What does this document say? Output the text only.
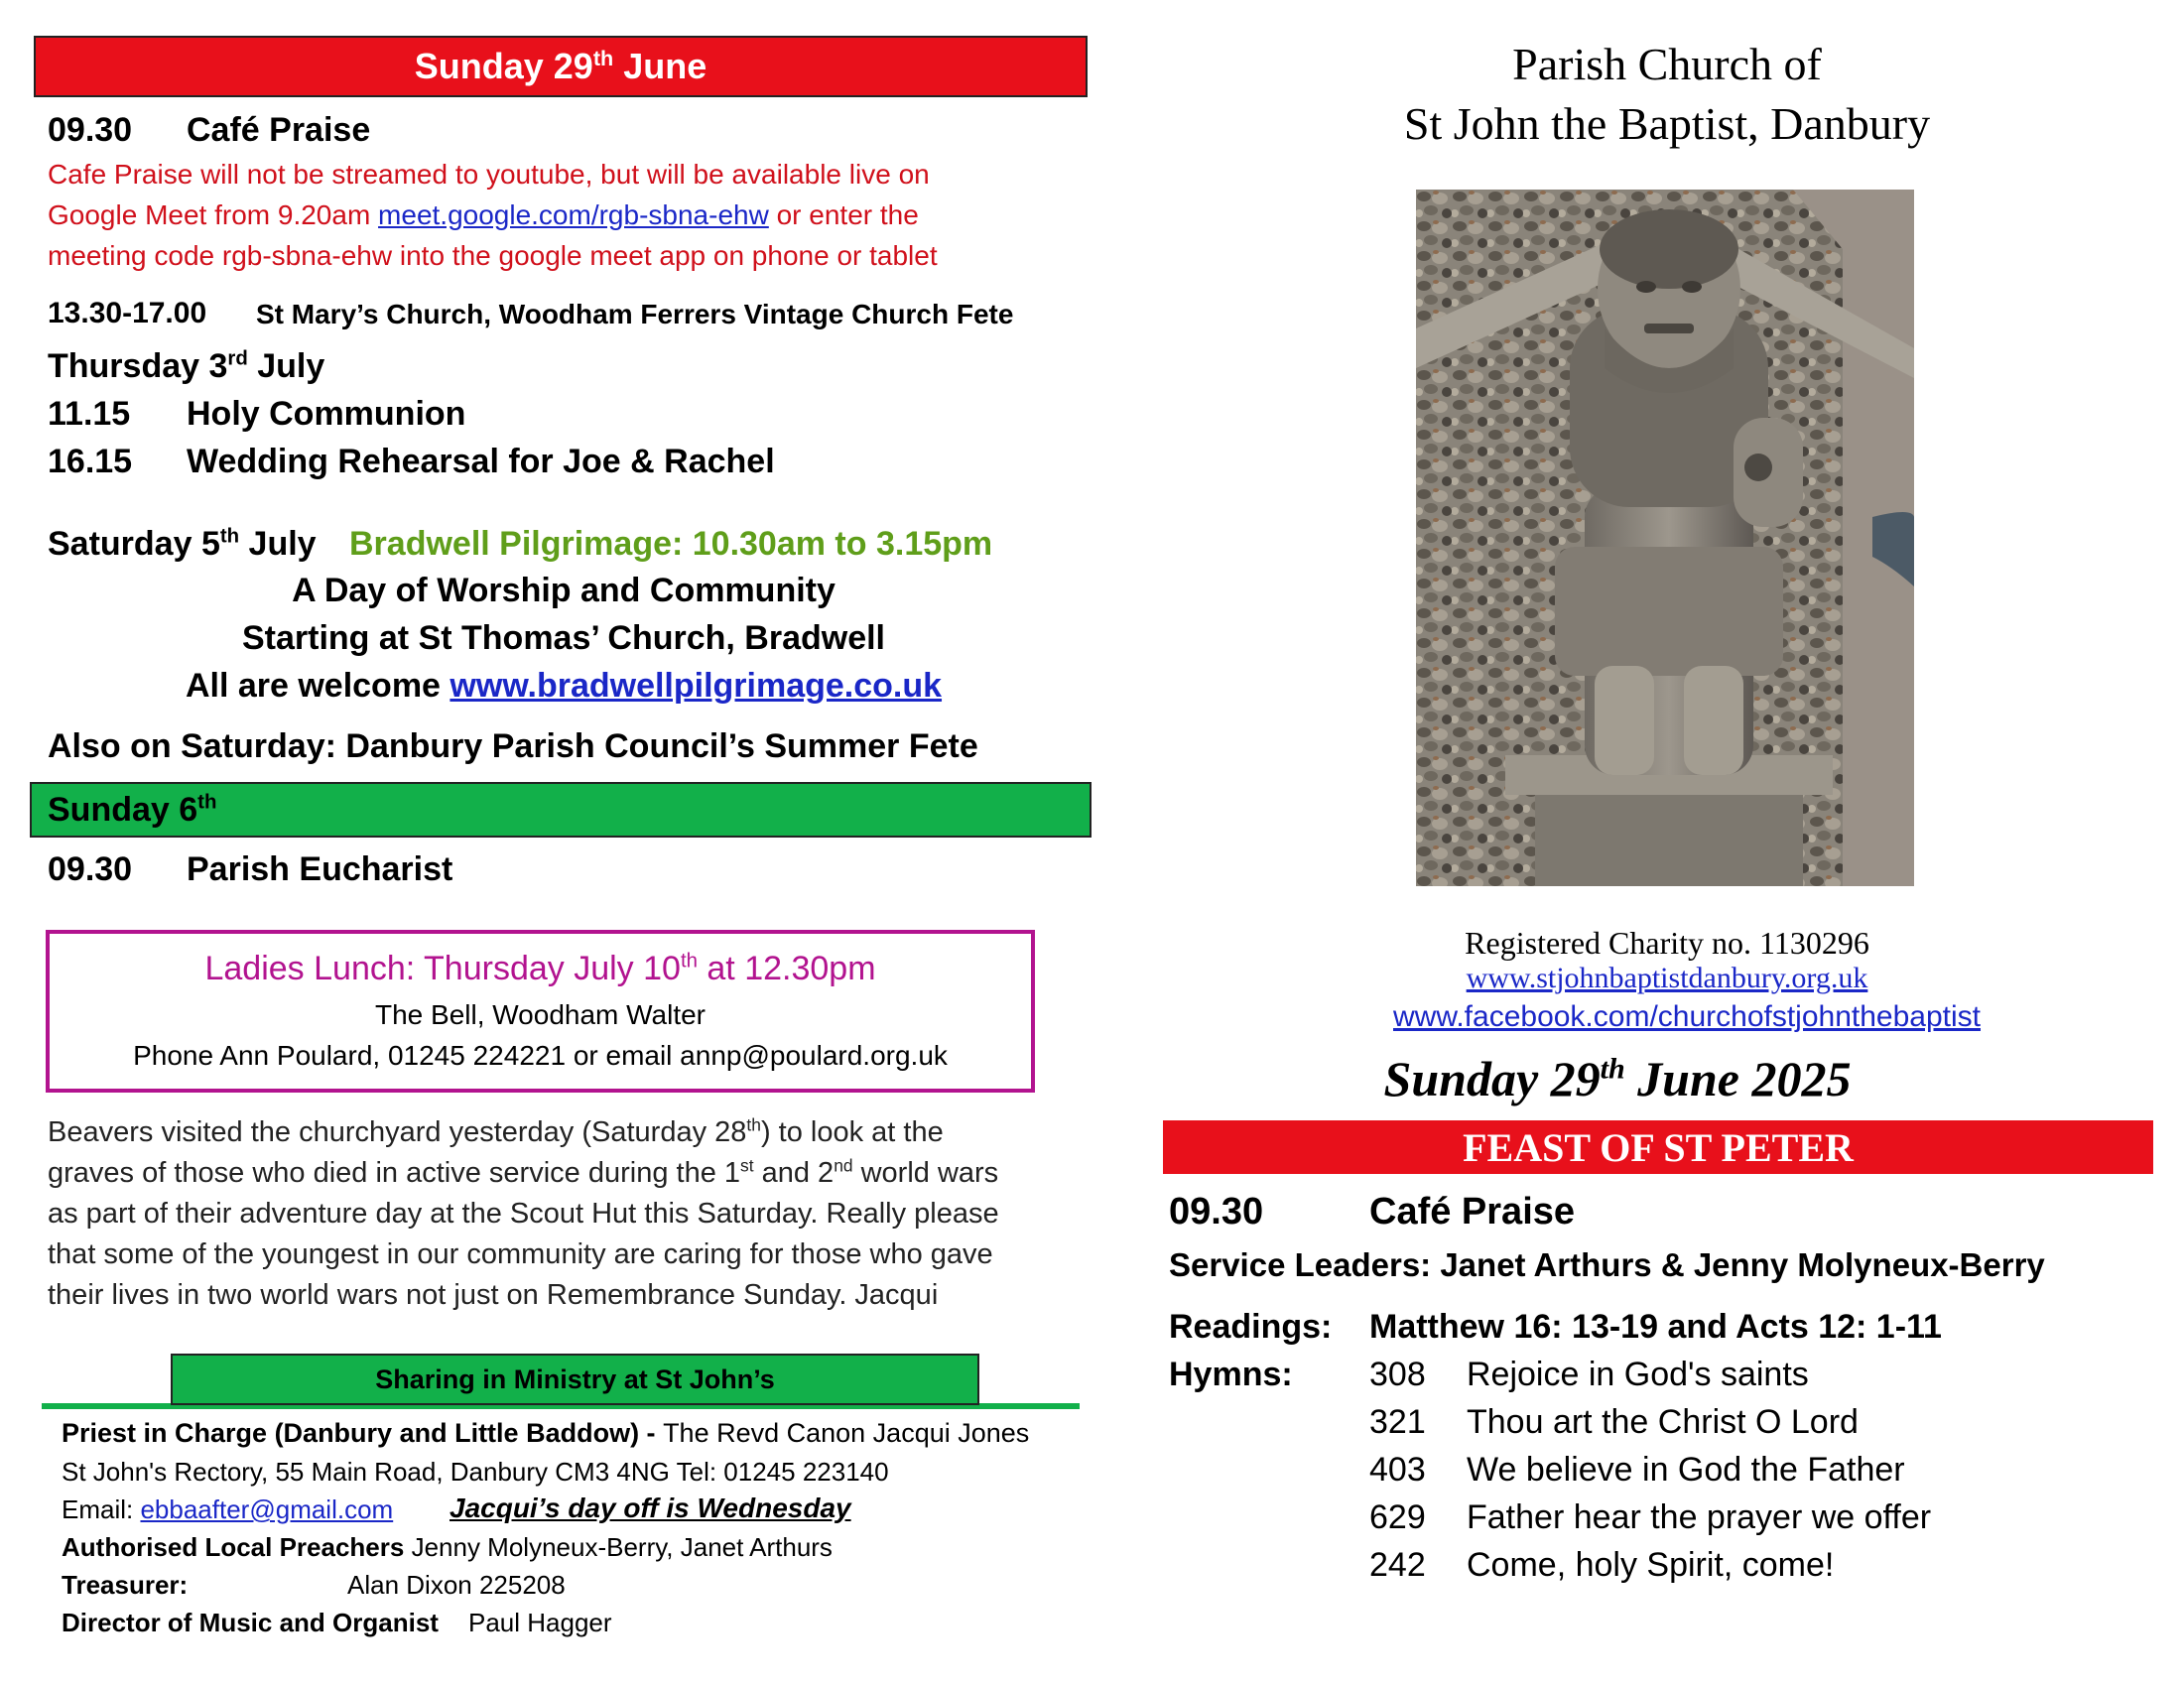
Sunday 29th June
09.30 Café Praise
Cafe Praise will not be streamed to youtube, but will be available live on
Google Meet from 9.20am meet.google.com/rgb-sbna-ehw or enter the
meeting code rgb-sbna-ehw into the google meet app on phone or tablet
13.30-17.00 St Mary’s Church, Woodham Ferrers Vintage Church Fete
Thursday 3rd July
11.15 Holy Communion
16.15 Wedding Rehearsal for Joe & Rachel
Saturday 5th July Bradwell Pilgrimage: 10.30am to 3.15pm
A Day of Worship and Community
Starting at St Thomas’ Church, Bradwell
All are welcome www.bradwellpilgrimage.co.uk
Also on Saturday: Danbury Parish Council’s Summer Fete
Sunday 6th
09.30 Parish Eucharist
Ladies Lunch: Thursday July 10th at 12.30pm
The Bell, Woodham Walter
Phone Ann Poulard, 01245 224221 or email annp@poulard.org.uk
Beavers visited the churchyard yesterday (Saturday 28th) to look at the
graves of those who died in active service during the 1st and 2nd world wars
as part of their adventure day at the Scout Hut this Saturday. Really please
that some of the youngest in our community are caring for those who gave
their lives in two world wars not just on Remembrance Sunday. Jacqui
Sharing in Ministry at St John’s
Priest in Charge (Danbury and Little Baddow) - The Revd Canon Jacqui Jones
St John's Rectory, 55 Main Road, Danbury CM3 4NG Tel: 01245 223140
Email: ebbaafter@gmail.com Jacqui’s day off is Wednesday
Authorised Local Preachers Jenny Molyneux-Berry, Janet Arthurs
Treasurer:	Alan Dixon 225208
Director of Music and Organist Paul Hagger
Parish Church of
St John the Baptist, Danbury
Registered Charity no. 1130296
www.stjohnbaptistdanbury.org.uk
www.facebook.com/churchofstjohnthebaptist
Sunday 29th June 2025
FEAST OF ST PETER
09.30	Café Praise
Service Leaders: Janet Arthurs & Jenny Molyneux-Berry
Readings: Matthew 16: 13-19 and Acts 12: 1-11
Hymns: 308 Rejoice in God's saints
321 Thou art the Christ O Lord
403 We believe in God the Father
629 Father hear the prayer we offer
242 Come, holy Spirit, come!
